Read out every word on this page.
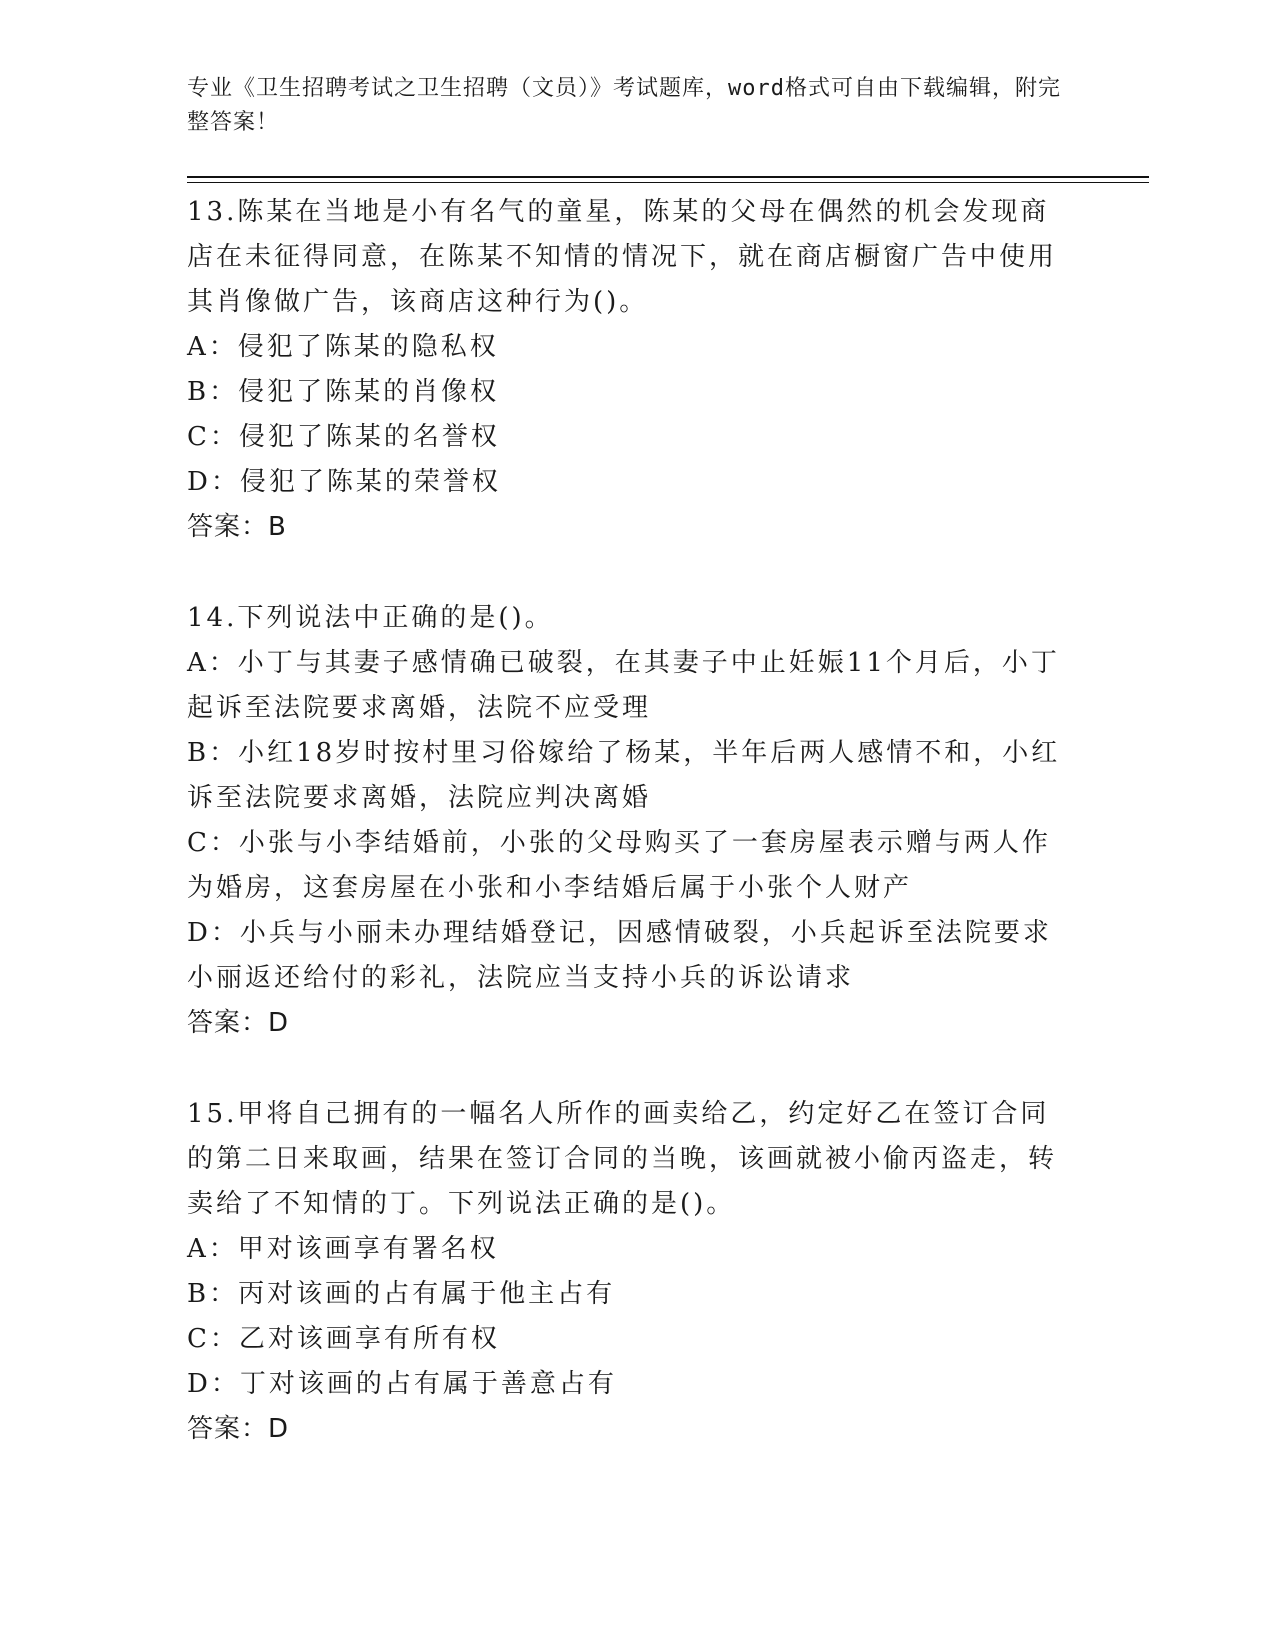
专业《卫生招聘考试之卫生招聘（文员）》考试题库，word格式可自由下载编辑，附完整答案！

13.陈某在当地是小有名气的童星，陈某的父母在偶然的机会发现商店在未征得同意，在陈某不知情的情况下，就在商店橱窗广告中使用其肖像做广告，该商店这种行为()。

A：侵犯了陈某的隐私权

B：侵犯了陈某的肖像权

C：侵犯了陈某的名誉权

D：侵犯了陈某的荣誉权

答案：B

14.下列说法中正确的是()。

A：小丁与其妻子感情确已破裂，在其妻子中止妊娠11个月后，小丁起诉至法院要求离婚，法院不应受理

B：小红18岁时按村里习俗嫁给了杨某，半年后两人感情不和，小红诉至法院要求离婚，法院应判决离婚

C：小张与小李结婚前，小张的父母购买了一套房屋表示赠与两人作为婚房，这套房屋在小张和小李结婚后属于小张个人财产

D：小兵与小丽未办理结婚登记，因感情破裂，小兵起诉至法院要求小丽返还给付的彩礼，法院应当支持小兵的诉讼请求

答案：D

15.甲将自己拥有的一幅名人所作的画卖给乙，约定好乙在签订合同的第二日来取画，结果在签订合同的当晚，该画就被小偷丙盗走，转卖给了不知情的丁。下列说法正确的是()。

A：甲对该画享有署名权

B：丙对该画的占有属于他主占有

C：乙对该画享有所有权

D：丁对该画的占有属于善意占有

答案：D
